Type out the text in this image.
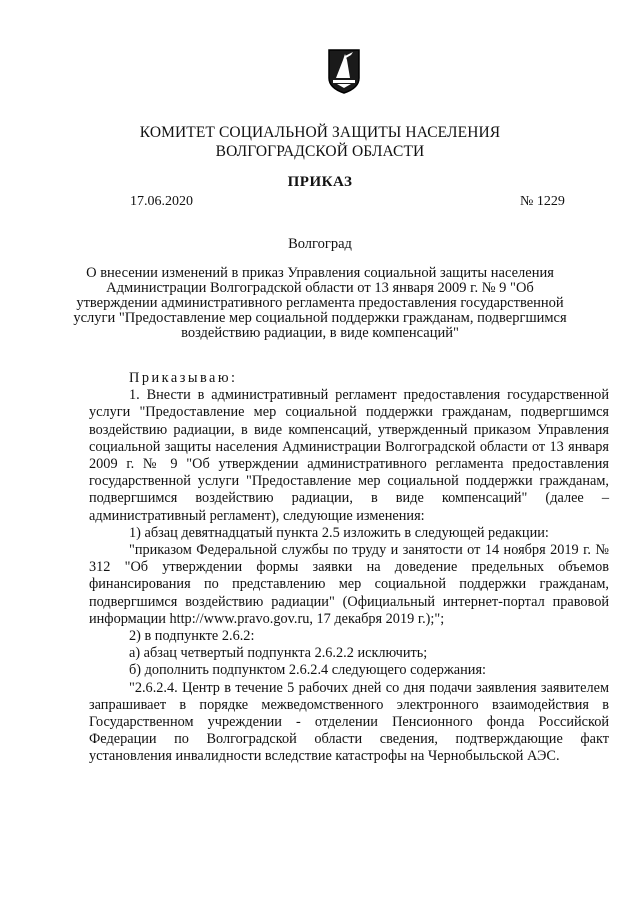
КОМИТЕТ СОЦИАЛЬНОЙ ЗАЩИТЫ НАСЕЛЕНИЯ
ВОЛГОГРАДСКОЙ ОБЛАСТИ
ПРИКАЗ
17.06.2020	№ 1229
Волгоград
О внесении изменений в приказ Управления социальной защиты населения Администрации Волгоградской области от 13 января 2009 г. № 9 "Об утверждении административного регламента предоставления государственной услуги "Предоставление мер социальной поддержки гражданам, подвергшимся воздействию радиации, в виде компенсаций"

Приказываю:

1. Внести в административный регламент предоставления государственной услуги "Предоставление мер социальной поддержки гражданам, подвергшимся воздействию радиации, в виде компенсаций, утвержденный приказом Управления социальной защиты населения Администрации Волгоградской области от 13 января 2009 г. № 9 "Об утверждении административного регламента предоставления государственной услуги "Предоставление мер социальной поддержки гражданам, подвергшимся воздействию радиации, в виде компенсаций" (далее – административный регламент), следующие изменения:

1) абзац девятнадцатый пункта 2.5 изложить в следующей редакции:

"приказом Федеральной службы по труду и занятости от 14 ноября 2019 г. № 312 "Об утверждении формы заявки на доведение предельных объемов финансирования по представлению мер социальной поддержки гражданам, подвергшимся воздействию радиации" (Официальный интернет-портал правовой информации http://www.pravo.gov.ru, 17 декабря 2019 г.);";

2) в подпункте 2.6.2:

а) абзац четвертый подпункта 2.6.2.2 исключить;

б) дополнить подпунктом 2.6.2.4 следующего содержания:

"2.6.2.4. Центр в течение 5 рабочих дней со дня подачи заявления заявителем запрашивает в порядке межведомственного электронного взаимодействия в Государственном учреждении - отделении Пенсионного фонда Российской Федерации по Волгоградской области сведения, подтверждающие факт установления инвалидности вследствие катастрофы на Чернобыльской АЭС.
